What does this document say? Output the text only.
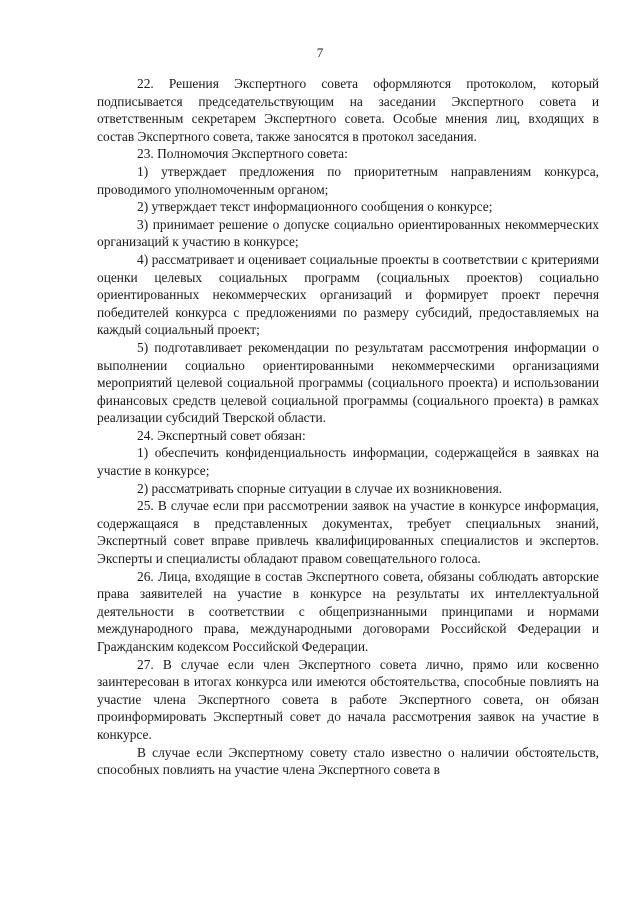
7

22. Решения Экспертного совета оформляются протоколом, который подписывается председательствующим на заседании Экспертного совета и ответственным секретарем Экспертного совета. Особые мнения лиц, входящих в состав Экспертного совета, также заносятся в протокол заседания.

23. Полномочия Экспертного совета:

1) утверждает предложения по приоритетным направлениям конкурса, проводимого уполномоченным органом;

2) утверждает текст информационного сообщения о конкурсе;

3) принимает решение о допуске социально ориентированных некоммерческих организаций к участию в конкурсе;

4) рассматривает и оценивает социальные проекты в соответствии с критериями оценки целевых социальных программ (социальных проектов) социально ориентированных некоммерческих организаций и формирует проект перечня победителей конкурса с предложениями по размеру субсидий, предоставляемых на каждый социальный проект;

5) подготавливает рекомендации по результатам рассмотрения информации о выполнении социально ориентированными некоммерческими организациями мероприятий целевой социальной программы (социального проекта) и использовании финансовых средств целевой социальной программы (социального проекта) в рамках реализации субсидий Тверской области.

24. Экспертный совет обязан:

1) обеспечить конфиденциальность информации, содержащейся в заявках на участие в конкурсе;

2) рассматривать спорные ситуации в случае их возникновения.

25. В случае если при рассмотрении заявок на участие в конкурсе информация, содержащаяся в представленных документах, требует специальных знаний, Экспертный совет вправе привлечь квалифицированных специалистов и экспертов. Эксперты и специалисты обладают правом совещательного голоса.

26. Лица, входящие в состав Экспертного совета, обязаны соблюдать авторские права заявителей на участие в конкурсе на результаты их интеллектуальной деятельности в соответствии с общепризнанными принципами и нормами международного права, международными договорами Российской Федерации и Гражданским кодексом Российской Федерации.

27. В случае если член Экспертного совета лично, прямо или косвенно заинтересован в итогах конкурса или имеются обстоятельства, способные повлиять на участие члена Экспертного совета в работе Экспертного совета, он обязан проинформировать Экспертный совет до начала рассмотрения заявок на участие в конкурсе.

В случае если Экспертному совету стало известно о наличии обстоятельств, способных повлиять на участие члена Экспертного совета в
